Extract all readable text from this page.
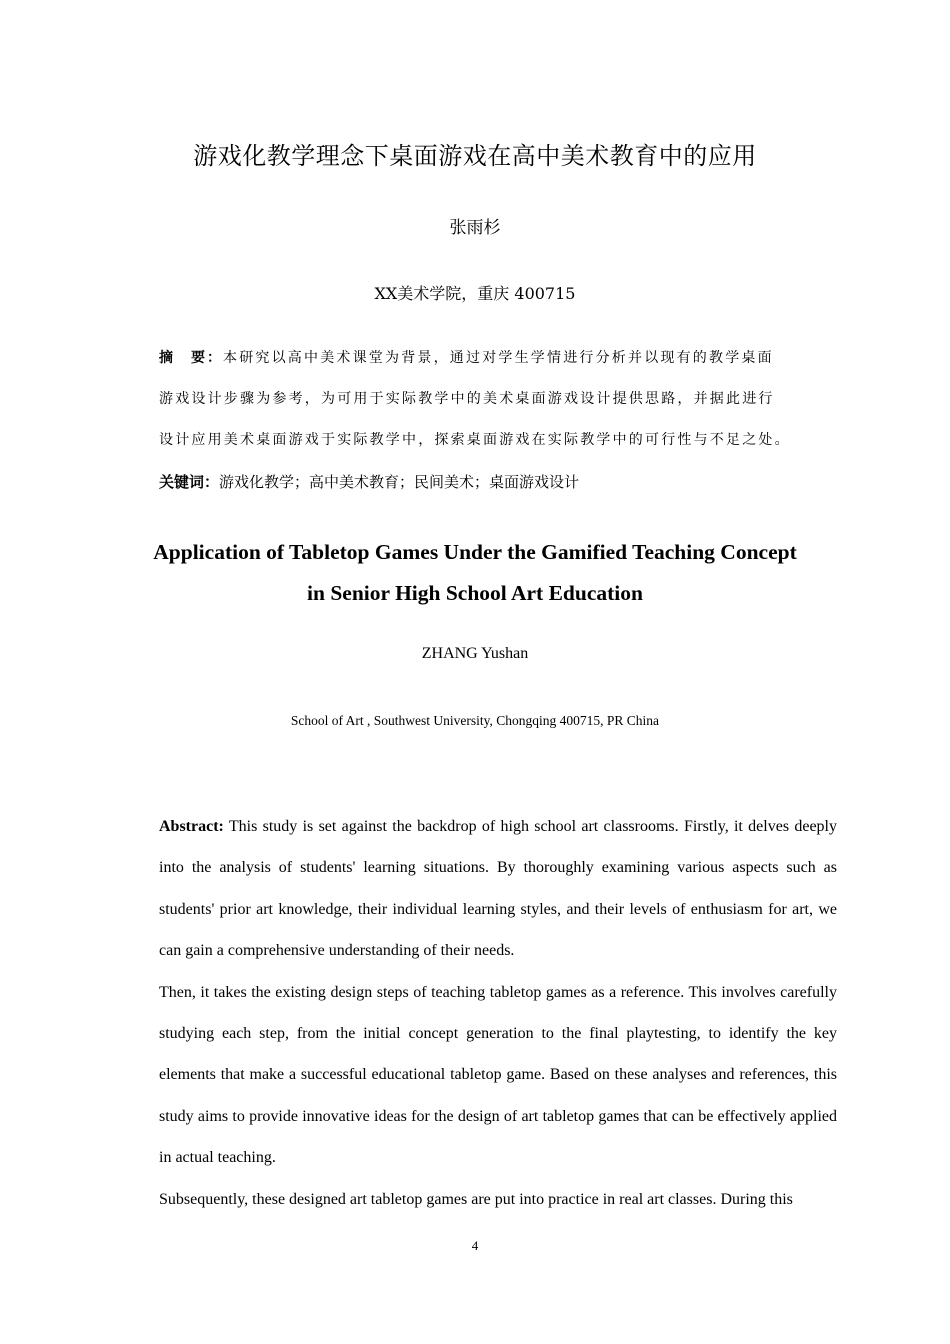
游戏化教学理念下桌面游戏在高中美术教育中的应用
张雨杉
XX美术学院，重庆 400715
摘　要：本研究以高中美术课堂为背景，通过对学生学情进行分析并以现有的教学桌面
游戏设计步骤为参考，为可用于实际教学中的美术桌面游戏设计提供思路，并据此进行
设计应用美术桌面游戏于实际教学中，探索桌面游戏在实际教学中的可行性与不足之处。
关键词：游戏化教学；高中美术教育；民间美术；桌面游戏设计
Application of Tabletop Games Under the Gamified Teaching Concept
in Senior High School Art Education
ZHANG Yushan
School of Art , Southwest University, Chongqing 400715, PR China

Abstract: This study is set against the backdrop of high school art classrooms. Firstly, it delves deeply into the analysis of students' learning situations. By thoroughly examining various aspects such as students' prior art knowledge, their individual learning styles, and their levels of enthusiasm for art, we can gain a comprehensive understanding of their needs.

Then, it takes the existing design steps of teaching tabletop games as a reference. This involves carefully studying each step, from the initial concept generation to the final playtesting, to identify the key elements that make a successful educational tabletop game. Based on these analyses and references, this study aims to provide innovative ideas for the design of art tabletop games that can be effectively applied in actual teaching.

Subsequently, these designed art tabletop games are put into practice in real art classes. During this

4
